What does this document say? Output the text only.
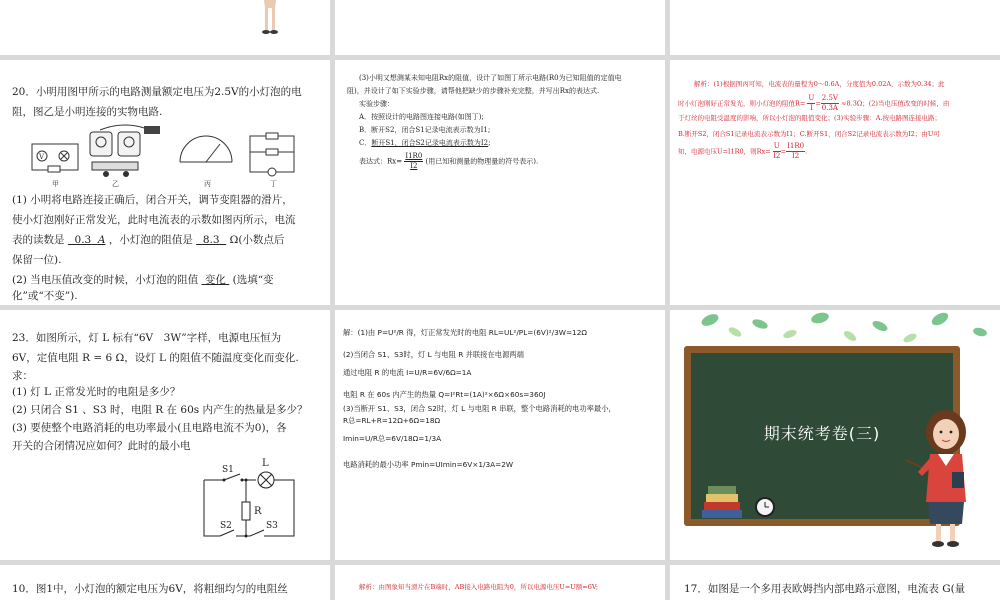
20．小明用图甲所示的电路测量额定电压为2.5V的小灯泡的电阻，图乙是小明连接的实物电路.
V
甲	乙	丙	丁
(1) 小明将电路连接正确后，闭合开关，调节变阻器的滑片，
使小灯泡刚好正常发光，此时电流表的示数如图丙所示，电流
表的读数是 0.3 A ，小灯泡的阻值是 8.3 Ω(小数点后
保留一位).
(2) 当电压值改变的时候，小灯泡的阻值 变化 (选填“变
化”或“不变”).
(3)小明又想测某未知电阻Rx的阻值，设计了如图丁所示电路(R0为已知阻值的定值电
阻)，并设计了如下实验步骤，请帮他把缺少的步骤补充完整，并写出Rx的表达式.
实验步骤：
A．按照设计的电路图连接电路(如图丁);
B．断开S2，闭合S1记录电流表示数为I1;
C．断开S1，闭合S2记录电流表示数为I2;
表达式：$Rx= \frac{I1R0}{I2}$ (用已知和测量的物理量的符号表示).
解析：(1)根据图丙可知，电流表的量程为0～0.6A，分度值为0.02A，示数为0.34；此
时小灯泡刚好正常发光，则小灯泡的阻值$R= \frac{U}{I} = \frac{2.5V}{0.3A} \approx 8.3\Omega$；(2)当电压值改变的时候，由
于灯丝的电阻受温度的影响，所以小灯泡的阻值变化；(3)实验步骤：A.按电路图连接电路；
B.断开S2，闭合S1记录电流表示数为I1；C.断开S1，闭合S2记录电流表示数为I2；由U可
知，电源电压U=I1R0，则$Rx= \frac{U}{I2} = \frac{I1R0}{I2}$ .
23．如图所示，灯 L 标有“6V　3W”字样，电源电压恒为
6V，定值电阻 R = 6 Ω，设灯 L 的阻值不随温度变化而变化.
求：
(1) 灯 L 正常发光时的电阻是多少？
(2) 只闭合 S1 、S3 时，电阻 R 在 60s 内产生的热量是多少？
(3) 要使整个电路消耗的电功率最小(且电路电流不为0)，各
开关的合闭情况应如何？此时的最小电
S1
L
R
S2	S3
解：(1)由 P=U²/R 得，灯正常发光时的电阻 RL=UL²/PL=(6V)²/3W=12Ω
(2)当闭合 S1、S3时，灯 L 与电阻 R 并联接在电源两端
通过电阻 R 的电流 I=U/R=6V/6Ω=1A
电阻 R 在 60s 内产生的热量 Q=I²Rt=(1A)²×6Ω×60s=360J
(3)当断开 S1、S3，闭合 S2时，灯 L 与电阻 R 串联，整个电路消耗的电功率最小，
R总=RL+R=12Ω+6Ω=18Ω
Imin=U/R总=6V/18Ω=1/3A
电路消耗的最小功率 Pmin=UImin=6V×1/3A=2W
期末统考卷(三)
10．图1中，小灯泡的额定电压为6V，将粗细均匀的电阻丝	解析：由图象知当滑片在B端时，AB接入电路电阻为0，所以电源电压U=U额=6V;	17．如图是一个多用表欧姆挡内部电路示意图，电流表 G(量
